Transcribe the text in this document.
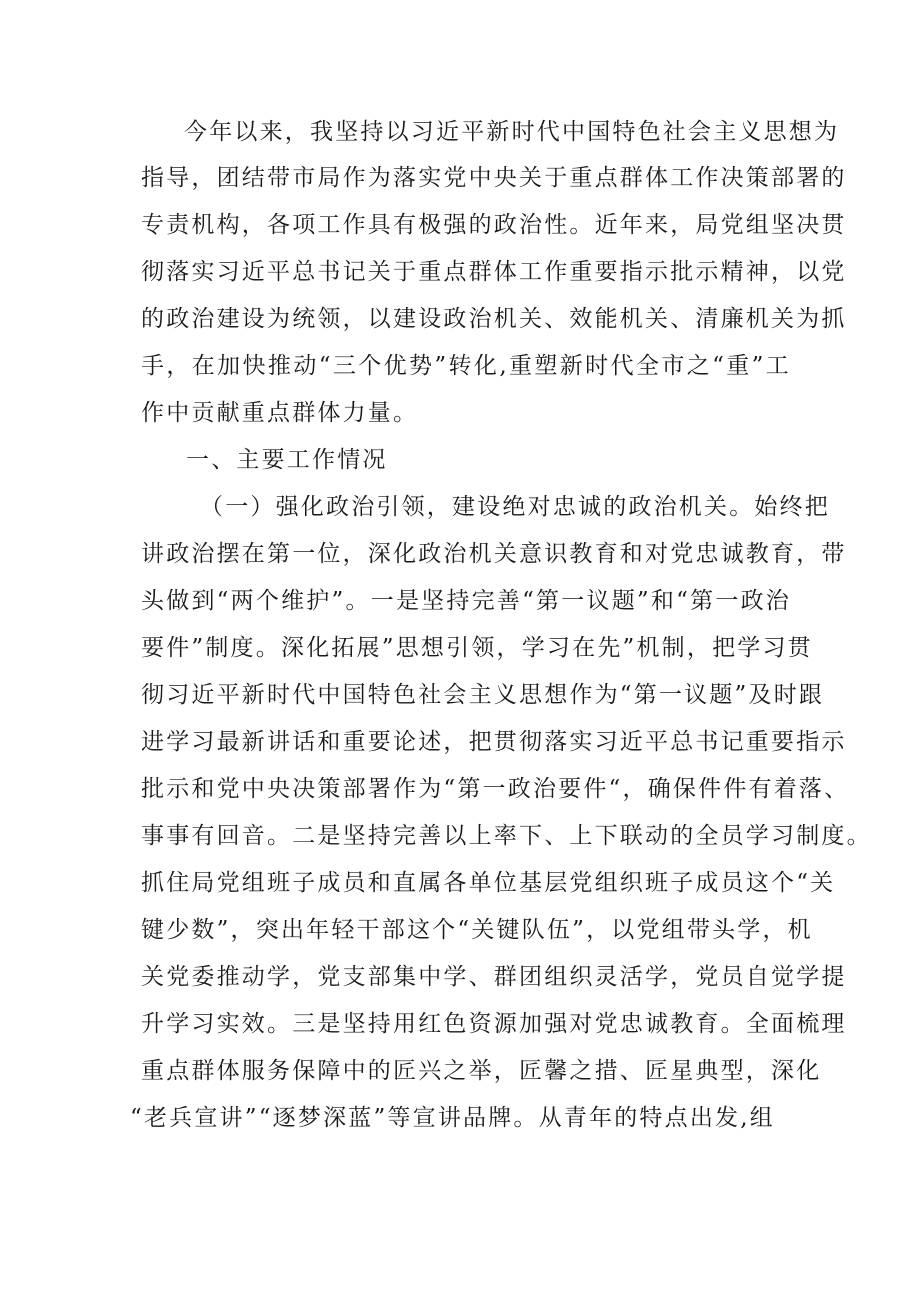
今年以来，我坚持以习近平新时代中国特色社会主义思想为
指导，团结带市局作为落实党中央关于重点群体工作决策部署的
专责机构，各项工作具有极强的政治性。近年来，局党组坚决贯
彻落实习近平总书记关于重点群体工作重要指示批示精神，以党
的政治建设为统领，以建设政治机关、效能机关、清廉机关为抓
手，在加快推动“三个优势”转化,重塑新时代全市之“重”工
作中贡献重点群体力量。
一、主要工作情况
（一）强化政治引领，建设绝对忠诚的政治机关。始终把
讲政治摆在第一位，深化政治机关意识教育和对党忠诚教育，带
头做到“两个维护”。一是坚持完善“第一议题”和“第一政治
要件”制度。深化拓展”思想引领，学习在先”机制，把学习贯
彻习近平新时代中国特色社会主义思想作为“第一议题”及时跟
进学习最新讲话和重要论述，把贯彻落实习近平总书记重要指示
批示和党中央决策部署作为“第一政治要件“，确保件件有着落、
事事有回音。二是坚持完善以上率下、上下联动的全员学习制度。
抓住局党组班子成员和直属各单位基层党组织班子成员这个“关
键少数”，突出年轻干部这个“关键队伍”，以党组带头学，机
关党委推动学，党支部集中学、群团组织灵活学，党员自觉学提
升学习实效。三是坚持用红色资源加强对党忠诚教育。全面梳理
重点群体服务保障中的匠兴之举，匠馨之措、匠星典型，深化
“老兵宣讲”“逐梦深蓝”等宣讲品牌。从青年的特点出发,组
